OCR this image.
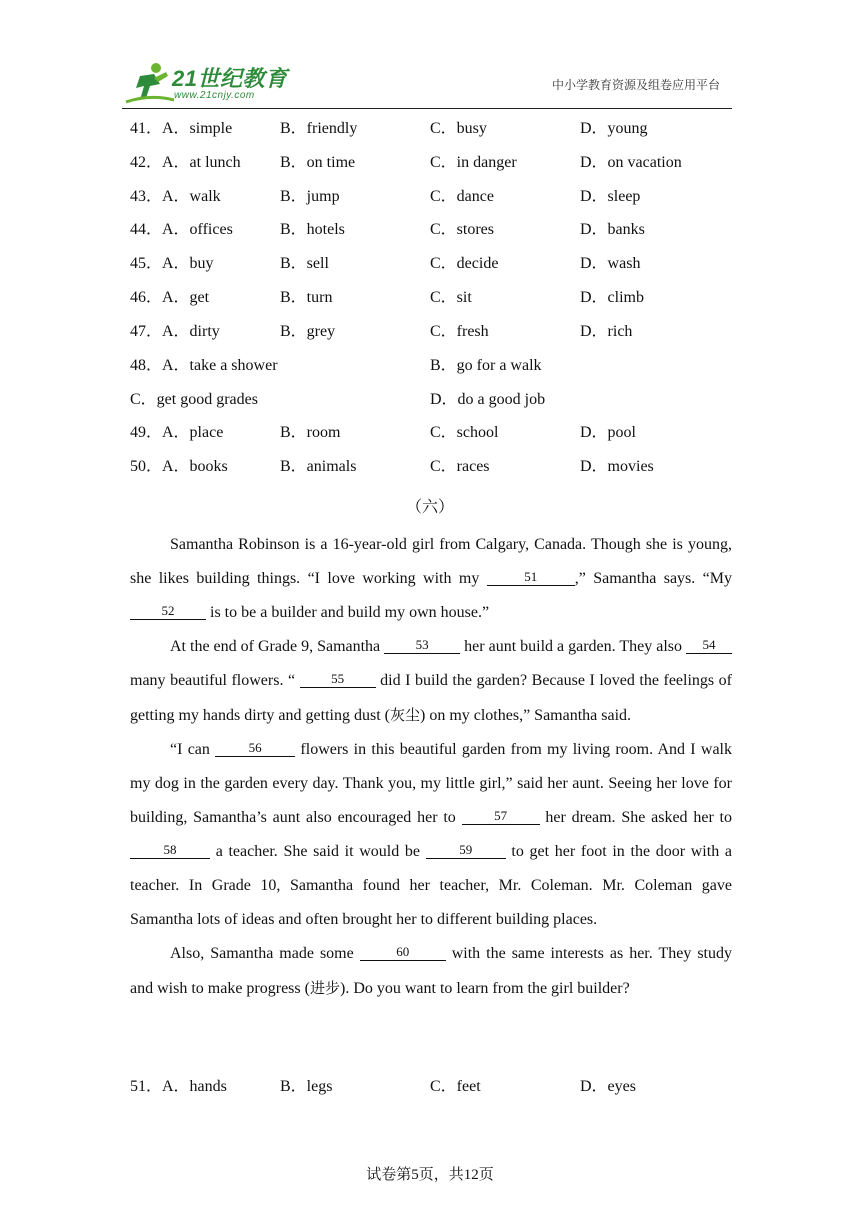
21世纪教育
www.21cnjy.com
中小学教育资源及组卷应用平台
41．A．simple	B．friendly	C．busy	D．young
42．A．at lunch B．on time	C．in danger	D．on vacation
43．A．walk	B．jump	C．dance	D．sleep
44．A．offices	B．hotels	C．stores	D．banks
45．A．buy	B．sell	C．decide	D．wash
46．A．get	B．turn	C．sit	D．climb
47．A．dirty	B．grey	C．fresh	D．rich
48．A．take a shower	B．go for a walk
C．get good grades	D．do a good job
49．A．place	B．room	C．school	D．pool
50．A．books	B．animals	C．races	D．movies
（六）

Samantha Robinson is a 16-year-old girl from Calgary, Canada. Though she is young, she likes building things. “I love working with my	51 ,” Samantha says. “My 52 is to be a builder and build my own house.”

At the end of Grade 9, Samantha 53 her aunt build a garden. They also 54 many beautiful flowers. “ 55 did I build the garden? Because I loved the feelings of getting my hands dirty and getting dust (灰尘) on my clothes,” Samantha said.

“I can	56 flowers in this beautiful garden from my living room. And I walk my dog in the garden every day. Thank you, my little girl,” said her aunt. Seeing her love for building, Samantha’s aunt also encouraged her to	57 her dream. She asked her to 58 a teacher. She said it would be	59 to get her foot in the door with a teacher. In Grade 10, Samantha found her teacher, Mr. Coleman. Mr. Coleman gave Samantha lots of ideas and often brought her to different building places.

Also, Samantha made some	60 with the same interests as her. They study and wish to make progress (进步). Do you want to learn from the girl builder?

51．A．hands	B．legs	C．feet	D．eyes
试卷第5页，共12页
